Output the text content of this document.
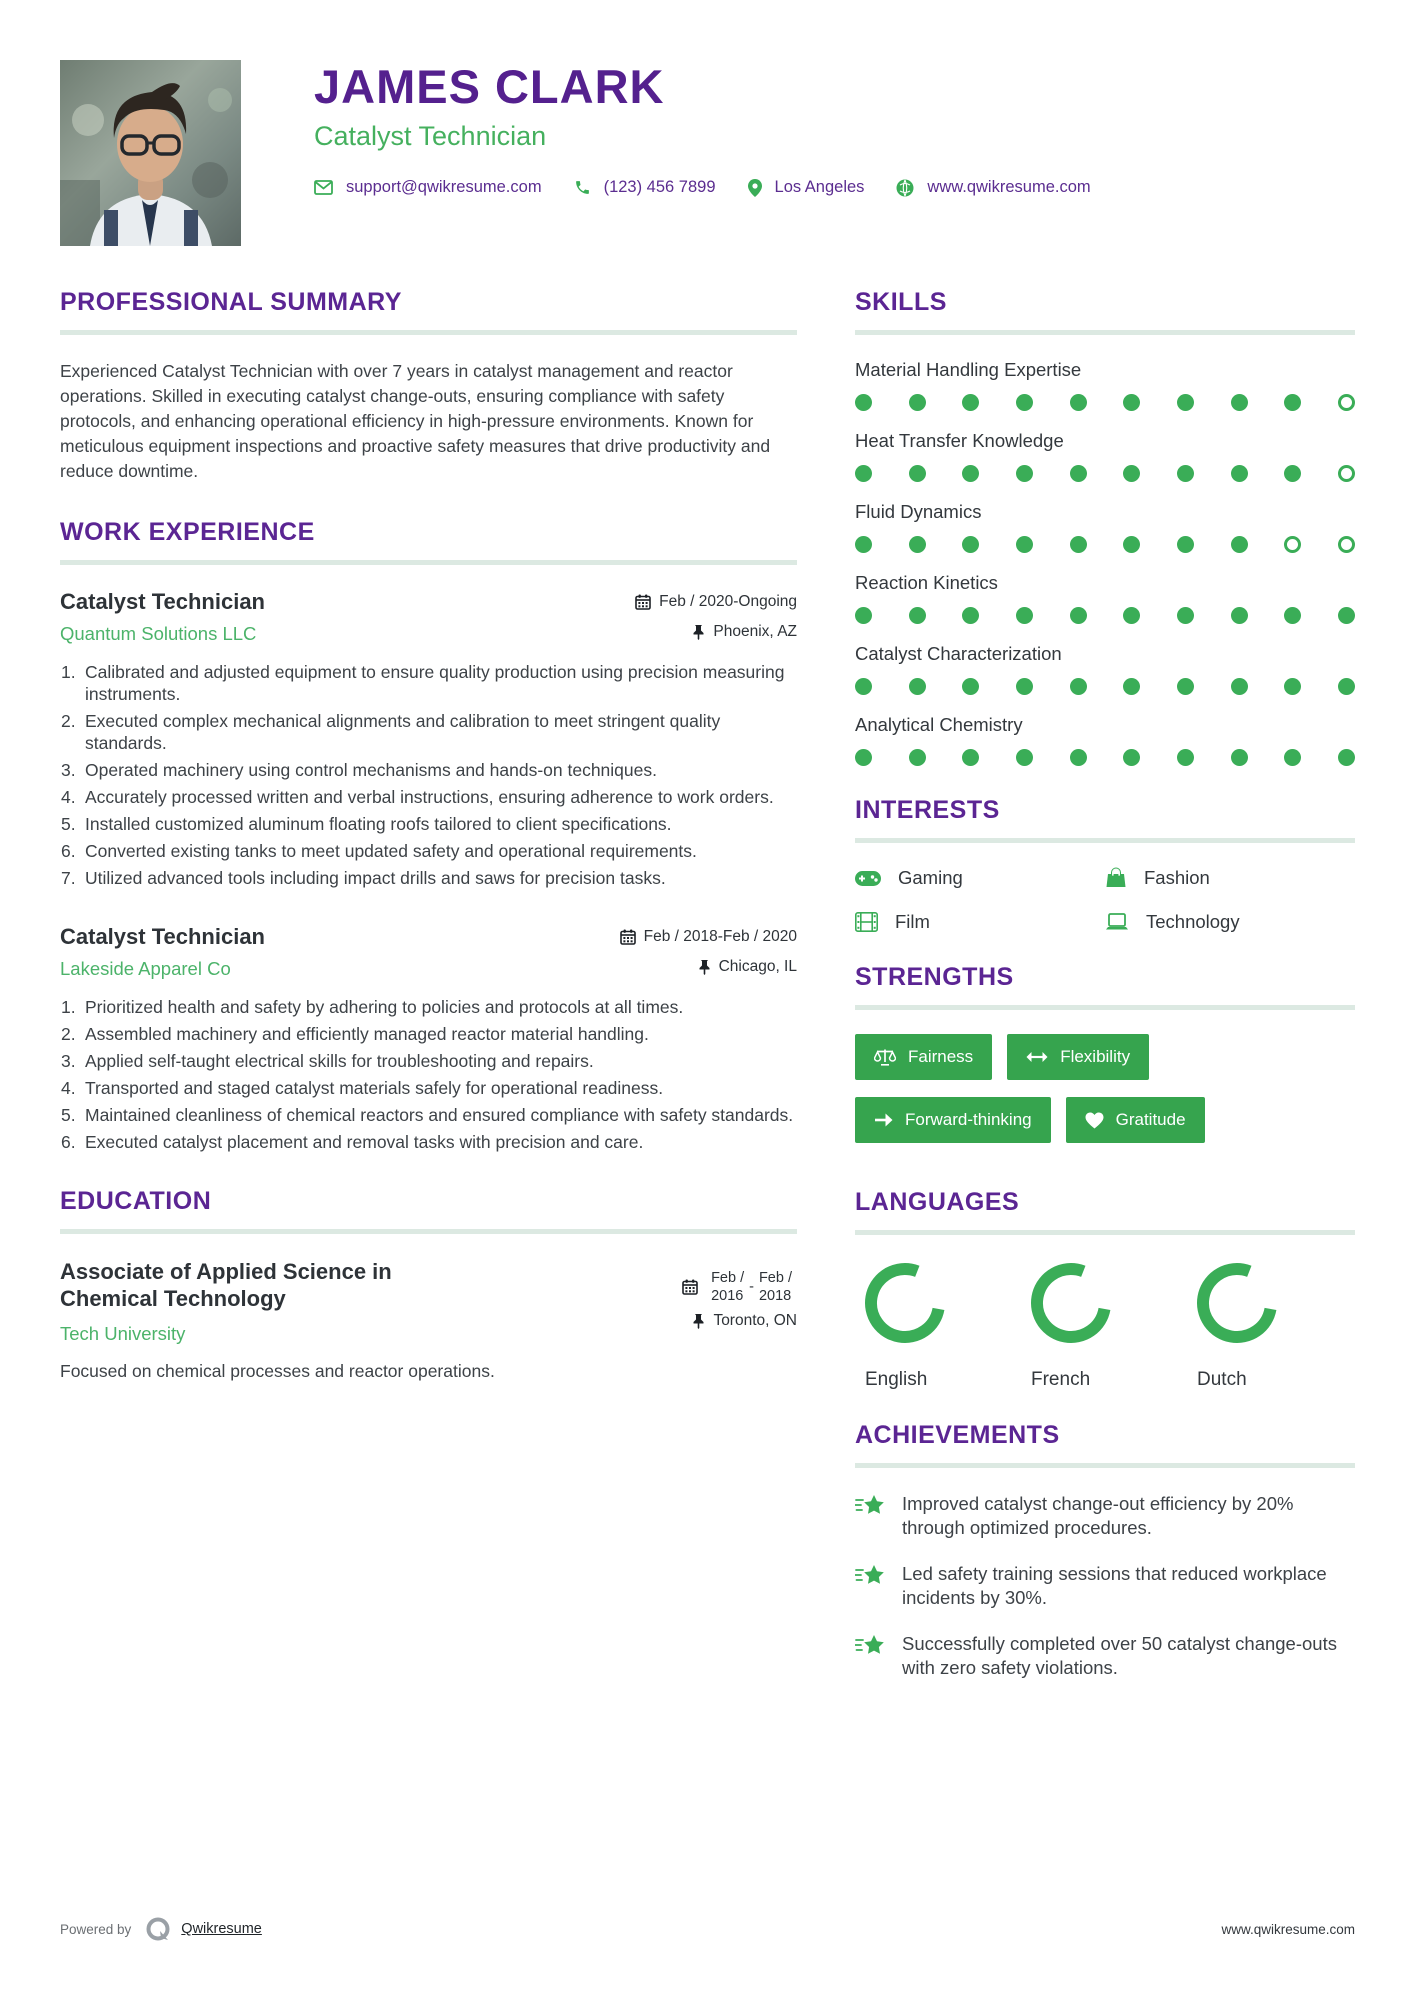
JAMES CLARK
Catalyst Technician
support@qwikresume.com	(123) 456 7899	Los Angeles	www.qwikresume.com
PROFESSIONAL SUMMARY

Experienced Catalyst Technician with over 7 years in catalyst management and reactor operations. Skilled in executing catalyst change-outs, ensuring compliance with safety protocols, and enhancing operational efficiency in high-pressure environments. Known for meticulous equipment inspections and proactive safety measures that drive productivity and reduce downtime.

WORK EXPERIENCE
Catalyst Technician	Feb / 2020-Ongoing
Quantum Solutions LLC	Phoenix, AZ
Calibrated and adjusted equipment to ensure quality production using precision measuring instruments.
Executed complex mechanical alignments and calibration to meet stringent quality standards.
Operated machinery using control mechanisms and hands-on techniques.
Accurately processed written and verbal instructions, ensuring adherence to work orders.
Installed customized aluminum floating roofs tailored to client specifications.
Converted existing tanks to meet updated safety and operational requirements.
Utilized advanced tools including impact drills and saws for precision tasks.
Catalyst Technician	Feb / 2018-Feb / 2020
Lakeside Apparel Co	Chicago, IL
Prioritized health and safety by adhering to policies and protocols at all times.
Assembled machinery and efficiently managed reactor material handling.
Applied self-taught electrical skills for troubleshooting and repairs.
Transported and staged catalyst materials safely for operational readiness.
Maintained cleanliness of chemical reactors and ensured compliance with safety standards.
Executed catalyst placement and removal tasks with precision and care.
EDUCATION
Associate of Applied Science in Chemical Technology
Feb /
2016
-
Feb /
2018
Tech University
Toronto, ON
Focused on chemical processes and reactor operations.
SKILLS
Material Handling Expertise
Heat Transfer Knowledge
Fluid Dynamics
Reaction Kinetics
Catalyst Characterization
Analytical Chemistry
INTERESTS
Gaming	Fashion
Film	Technology
STRENGTHS
Fairness	Flexibility
Forward-thinking	Gratitude
LANGUAGES
English	French	Dutch
ACHIEVEMENTS
Improved catalyst change-out efficiency by 20% through optimized procedures.
Led safety training sessions that reduced workplace incidents by 30%.
Successfully completed over 50 catalyst change-outs with zero safety violations.
Powered by	Qwikresume	www.qwikresume.com
